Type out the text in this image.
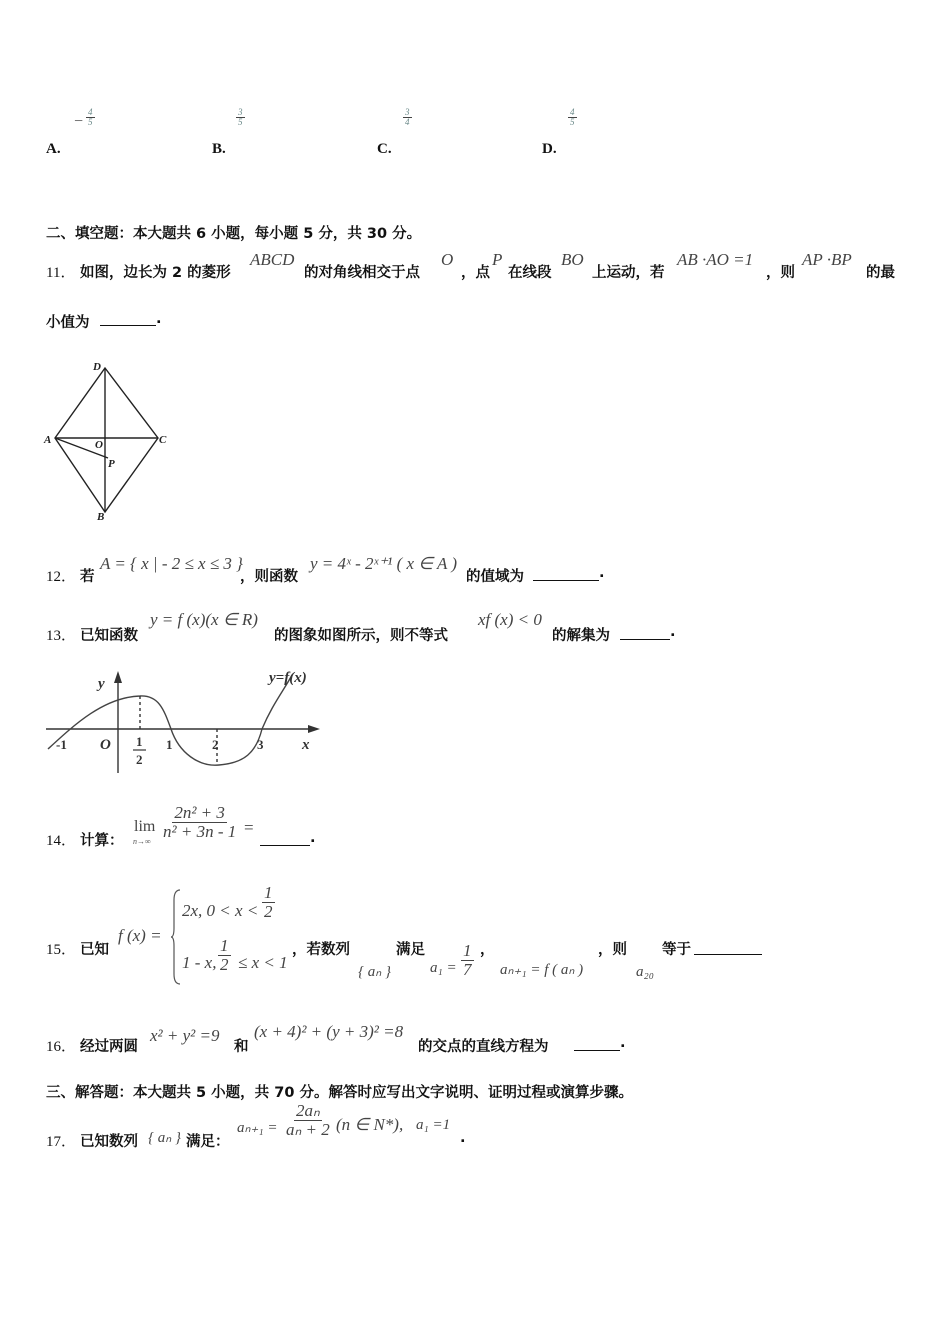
− $\frac{4}{5}$
A.
$\frac{3}{5}$
B.
$\frac{3}{4}$
C.
$\frac{4}{5}$
D.
二、填空题：本大题共 6 小题，每小题 5 分，共 30 分。
11． 如图，边长为 2 的菱形
ABCD
的对角线相交于点
O
，点
P
在线段
BO
上运动，若
AB ·AO =1
，则
AP ·BP
的最
小值为	.
D
A	O	C
P
B
12． 若
A = { x | - 2 ≤ x ≤ 3 }
，则函数
y = 4ˣ - 2ˣ⁺¹ ( x ∈ A )
的值域为	.
13． 已知函数
y = f (x)(x ∈ R)
的图象如图所示，则不等式
xf (x) < 0
的解集为	.
y=f(x)
y
x
O
-1	1	2	3
1
2
14． 计算：
lim
$n\to\infty \frac{\text{2n² + 3}}{\text{n² + 3n - 1}}$ =
.
15． 已知
f (x) =
2x, $0 < x < \frac{1}{2}$
1 - x, $\frac{1}{2} \le x < 1$
，若数列
{ aₙ }
满足
$a_1 = \frac{1}{7}$ ，
aₙ₊₁ = f ( aₙ )
，则 等于
a₂₀
16． 经过两圆
x² + y² =9
和
(x + 4)² + (y + 3)² =8
的交点的直线方程为	.
三、解答题：本大题共 5 小题，共 70 分。解答时应写出文字说明、证明过程或演算步骤。
17． 已知数列 { aₙ } 满足：
$a_{n+1} = \frac{\text{2aₙ}}{\text{aₙ + 2}} (n$ ∈ N*), a₁ =1
.
